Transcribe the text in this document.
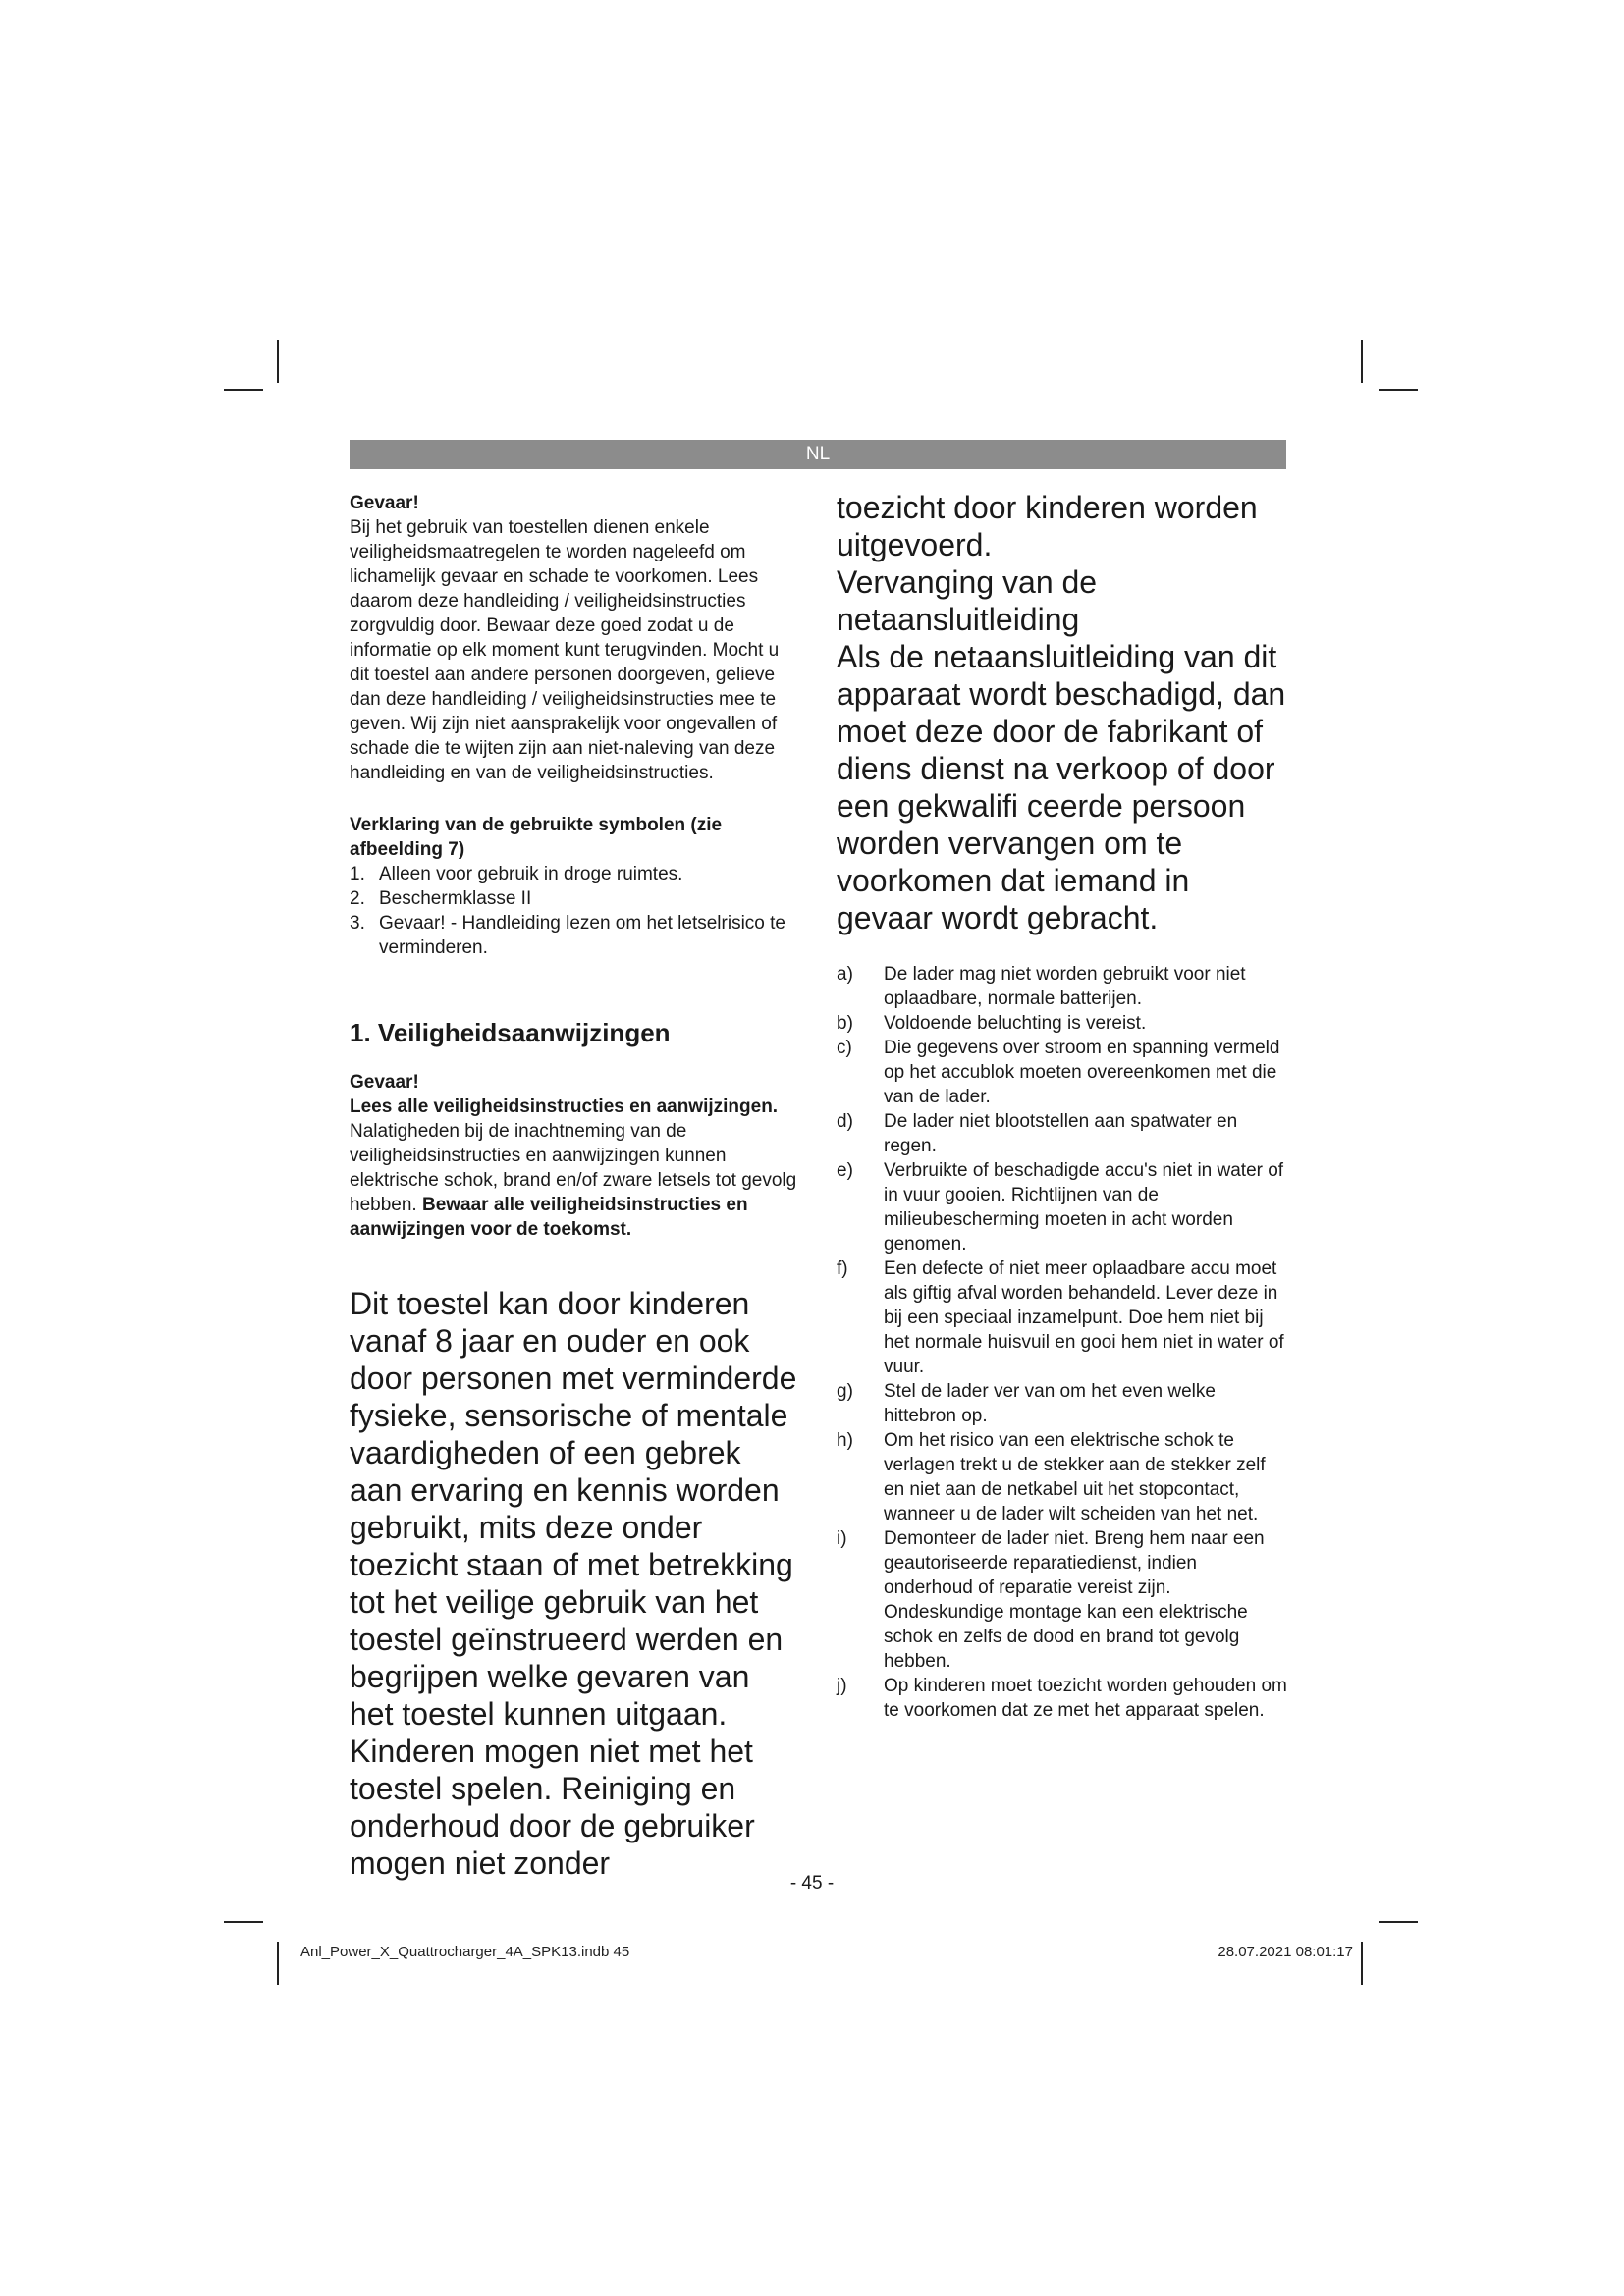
NL

Gevaar!

Bij het gebruik van toestellen dienen enkele veiligheidsmaatregelen te worden nageleefd om lichamelijk gevaar en schade te voorkomen. Lees daarom deze handleiding / veiligheidsinstructies zorgvuldig door. Bewaar deze goed zodat u de informatie op elk moment kunt terugvinden. Mocht u dit toestel aan andere personen doorgeven, gelieve dan deze handleiding / veiligheidsinstructies mee te geven. Wij zijn niet aansprakelijk voor ongevallen of schade die te wijten zijn aan niet-naleving van deze handleiding en van de veiligheidsinstructies.

Verklaring van de gebruikte symbolen (zie afbeelding 7)

1. Alleen voor gebruik in droge ruimtes.
2. Beschermklasse II
3. Gevaar! - Handleiding lezen om het letselrisico te verminderen.
1. Veiligheidsaanwijzingen

Gevaar!

Lees alle veiligheidsinstructies en aanwijzingen. Nalatigheden bij de inachtneming van de veiligheidsinstructies en aanwijzingen kunnen elektrische schok, brand en/of zware letsels tot gevolg hebben. Bewaar alle veiligheidsinstructies en aanwijzingen voor de toekomst.

Dit toestel kan door kinderen vanaf 8 jaar en ouder en ook door personen met verminderde fysieke, sensorische of mentale vaardigheden of een gebrek aan ervaring en kennis worden gebruikt, mits deze onder toezicht staan of met betrekking tot het veilige gebruik van het toestel geïnstrueerd werden en begrijpen welke gevaren van het toestel kunnen uitgaan. Kinderen mogen niet met het toestel spelen. Reiniging en onderhoud door de gebruiker mogen niet zonder

toezicht door kinderen worden uitgevoerd.

Vervanging van de netaansluitleiding

Als de netaansluitleiding van dit apparaat wordt beschadigd, dan moet deze door de fabrikant of diens dienst na verkoop of door een gekwalifi ceerde persoon worden vervangen om te voorkomen dat iemand in gevaar wordt gebracht.

a) De lader mag niet worden gebruikt voor niet oplaadbare, normale batterijen.
b) Voldoende beluchting is vereist.
c) Die gegevens over stroom en spanning vermeld op het accublok moeten overeenkomen met die van de lader.
d) De lader niet blootstellen aan spatwater en regen.
e) Verbruikte of beschadigde accu's niet in water of in vuur gooien. Richtlijnen van de milieubescherming moeten in acht worden genomen.
f) Een defecte of niet meer oplaadbare accu moet als giftig afval worden behandeld. Lever deze in bij een speciaal inzamelpunt. Doe hem niet bij het normale huisvuil en gooi hem niet in water of vuur.
g) Stel de lader ver van om het even welke hittebron op.
h) Om het risico van een elektrische schok te verlagen trekt u de stekker aan de stekker zelf en niet aan de netkabel uit het stopcontact, wanneer u de lader wilt scheiden van het net.
i) Demonteer de lader niet. Breng hem naar een geautoriseerde reparatiedienst, indien onderhoud of reparatie vereist zijn. Ondeskundige montage kan een elektrische schok en zelfs de dood en brand tot gevolg hebben.
j) Op kinderen moet toezicht worden gehouden om te voorkomen dat ze met het apparaat spelen.
- 45 -
Anl_Power_X_Quattrocharger_4A_SPK13.indb 45	28.07.2021 08:01:17
